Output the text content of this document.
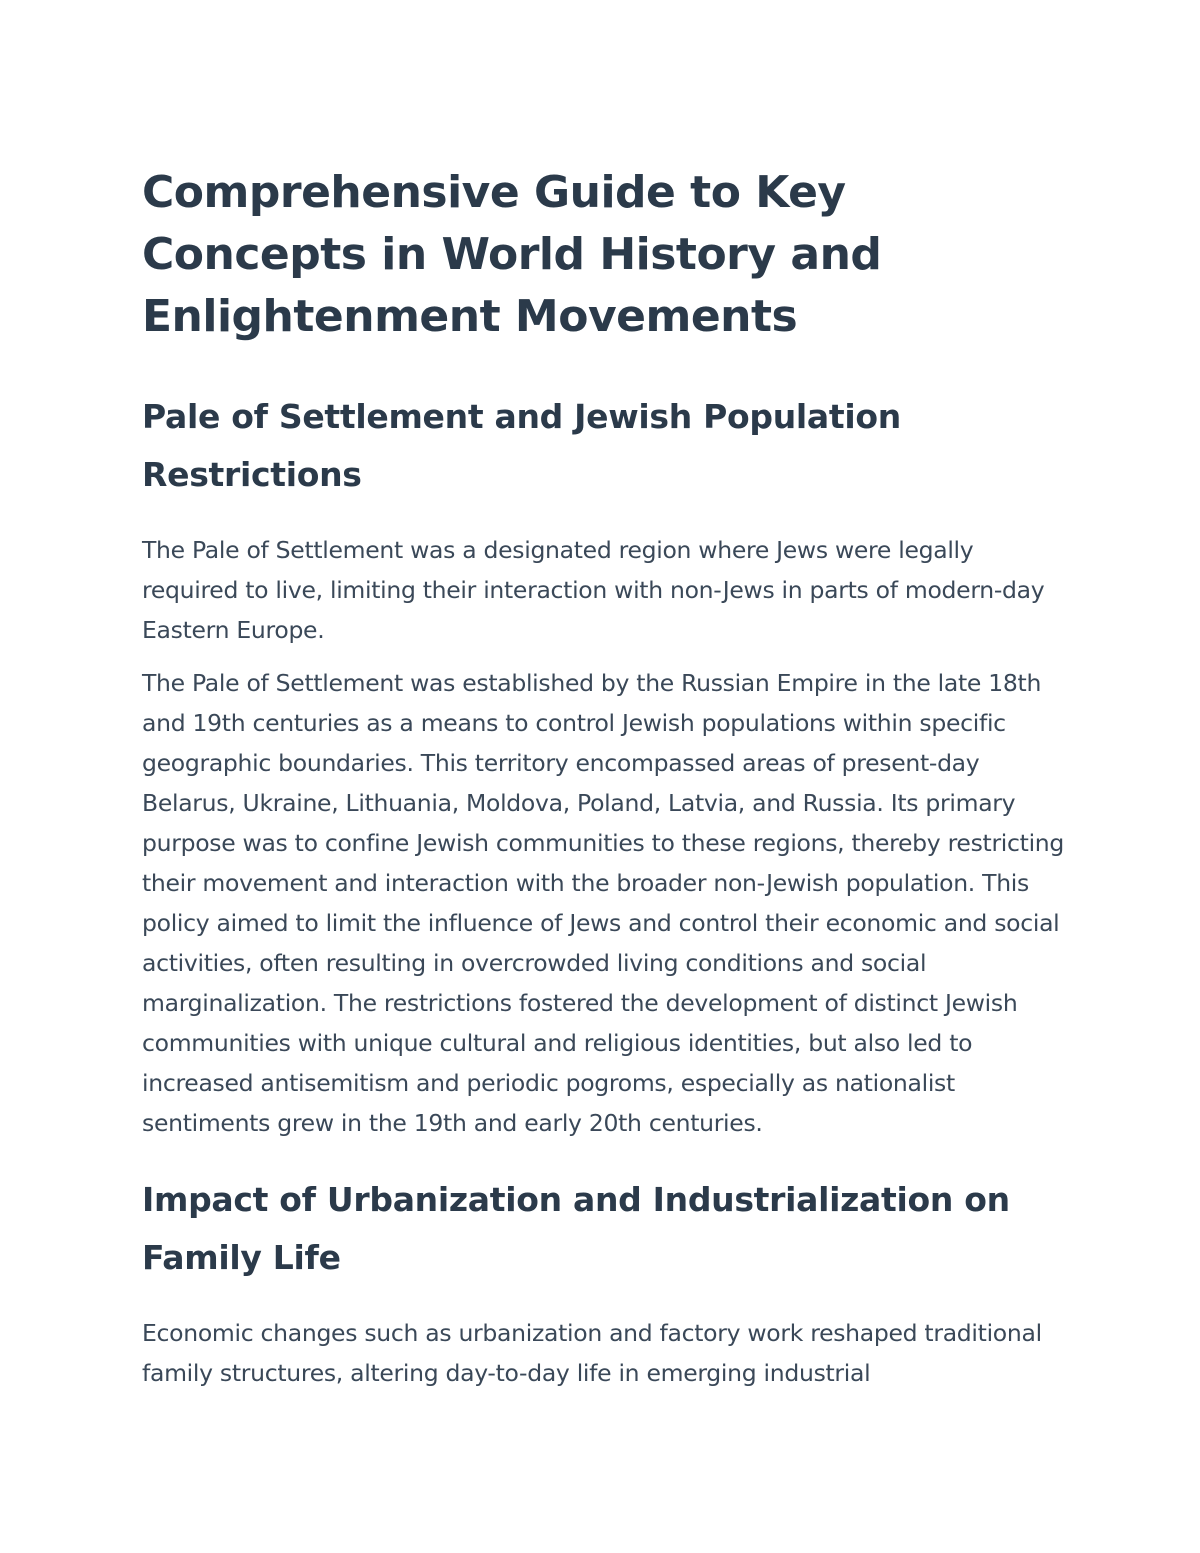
Comprehensive Guide to Key Concepts in World History and Enlightenment Movements
Pale of Settlement and Jewish Population Restrictions

The Pale of Settlement was a designated region where Jews were legally required to live, limiting their interaction with non-Jews in parts of modern-day Eastern Europe.

The Pale of Settlement was established by the Russian Empire in the late 18th and 19th centuries as a means to control Jewish populations within specific geographic boundaries. This territory encompassed areas of present-day Belarus, Ukraine, Lithuania, Moldova, Poland, Latvia, and Russia. Its primary purpose was to confine Jewish communities to these regions, thereby restricting their movement and interaction with the broader non-Jewish population. This policy aimed to limit the influence of Jews and control their economic and social activities, often resulting in overcrowded living conditions and social marginalization. The restrictions fostered the development of distinct Jewish communities with unique cultural and religious identities, but also led to increased antisemitism and periodic pogroms, especially as nationalist sentiments grew in the 19th and early 20th centuries.

Impact of Urbanization and Industrialization on Family Life

Economic changes such as urbanization and factory work reshaped traditional family structures, altering day-to-day life in emerging industrial
